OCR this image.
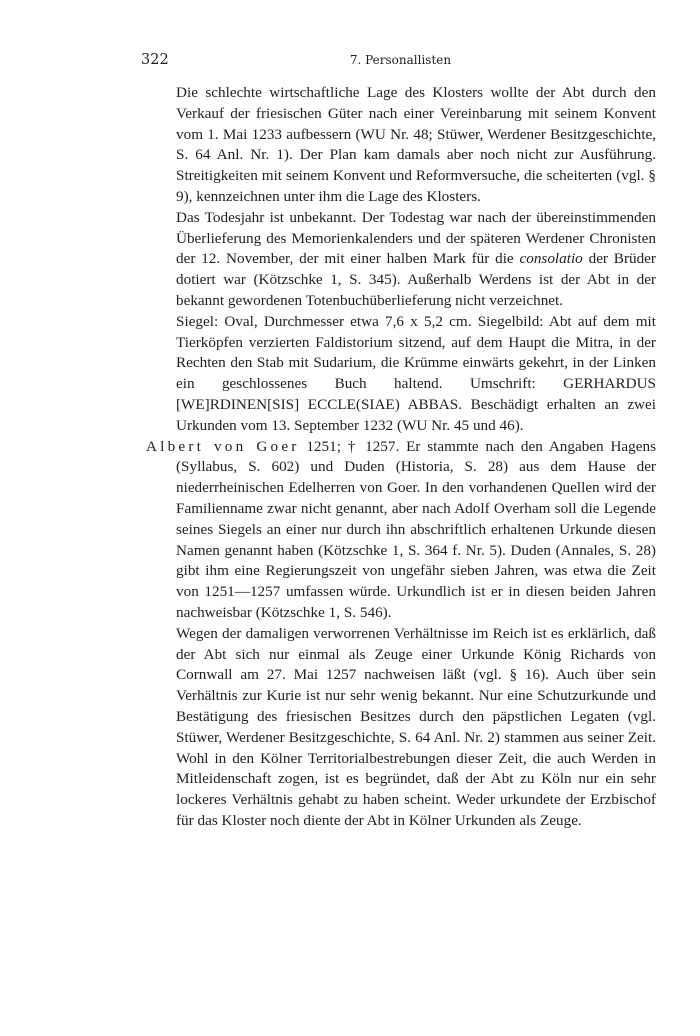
322	7. Personallisten

Die schlechte wirtschaftliche Lage des Klosters wollte der Abt durch den Verkauf der friesischen Güter nach einer Vereinbarung mit seinem Konvent vom 1. Mai 1233 aufbessern (WU Nr. 48; Stüwer, Werdener Besitzgeschichte, S. 64 Anl. Nr. 1). Der Plan kam damals aber noch nicht zur Ausführung. Streitigkeiten mit seinem Konvent und Reformversuche, die scheiterten (vgl. § 9), kennzeichnen unter ihm die Lage des Klosters.

Das Todesjahr ist unbekannt. Der Todestag war nach der übereinstimmenden Überlieferung des Memorienkalenders und der späteren Werdener Chronisten der 12. November, der mit einer halben Mark für die consolatio der Brüder dotiert war (Kötzschke 1, S. 345). Außerhalb Werdens ist der Abt in der bekannt gewordenen Totenbuchüberlieferung nicht verzeichnet.

Siegel: Oval, Durchmesser etwa 7,6 x 5,2 cm. Siegelbild: Abt auf dem mit Tierköpfen verzierten Faldistorium sitzend, auf dem Haupt die Mitra, in der Rechten den Stab mit Sudarium, die Krümme einwärts gekehrt, in der Linken ein geschlossenes Buch haltend. Umschrift: GERHARDUS [WE]RDINEN[SIS] ECCLE(SIAE) ABBAS. Beschädigt erhalten an zwei Urkunden vom 13. September 1232 (WU Nr. 45 und 46).

Albert von Goer 1251; † 1257. Er stammte nach den Angaben Hagens (Syllabus, S. 602) und Duden (Historia, S. 28) aus dem Hause der niederrheinischen Edelherren von Goer. In den vorhandenen Quellen wird der Familienname zwar nicht genannt, aber nach Adolf Overham soll die Legende seines Siegels an einer nur durch ihn abschriftlich erhaltenen Urkunde diesen Namen genannt haben (Kötzschke 1, S. 364 f. Nr. 5). Duden (Annales, S. 28) gibt ihm eine Regierungszeit von ungefähr sieben Jahren, was etwa die Zeit von 1251—1257 umfassen würde. Urkundlich ist er in diesen beiden Jahren nachweisbar (Kötzschke 1, S. 546).

Wegen der damaligen verworrenen Verhältnisse im Reich ist es erklärlich, daß der Abt sich nur einmal als Zeuge einer Urkunde König Richards von Cornwall am 27. Mai 1257 nachweisen läßt (vgl. § 16). Auch über sein Verhältnis zur Kurie ist nur sehr wenig bekannt. Nur eine Schutzurkunde und Bestätigung des friesischen Besitzes durch den päpstlichen Legaten (vgl. Stüwer, Werdener Besitzgeschichte, S. 64 Anl. Nr. 2) stammen aus seiner Zeit. Wohl in den Kölner Territorialbestrebungen dieser Zeit, die auch Werden in Mitleidenschaft zogen, ist es begründet, daß der Abt zu Köln nur ein sehr lockeres Verhältnis gehabt zu haben scheint. Weder urkundete der Erzbischof für das Kloster noch diente der Abt in Kölner Urkunden als Zeuge.
